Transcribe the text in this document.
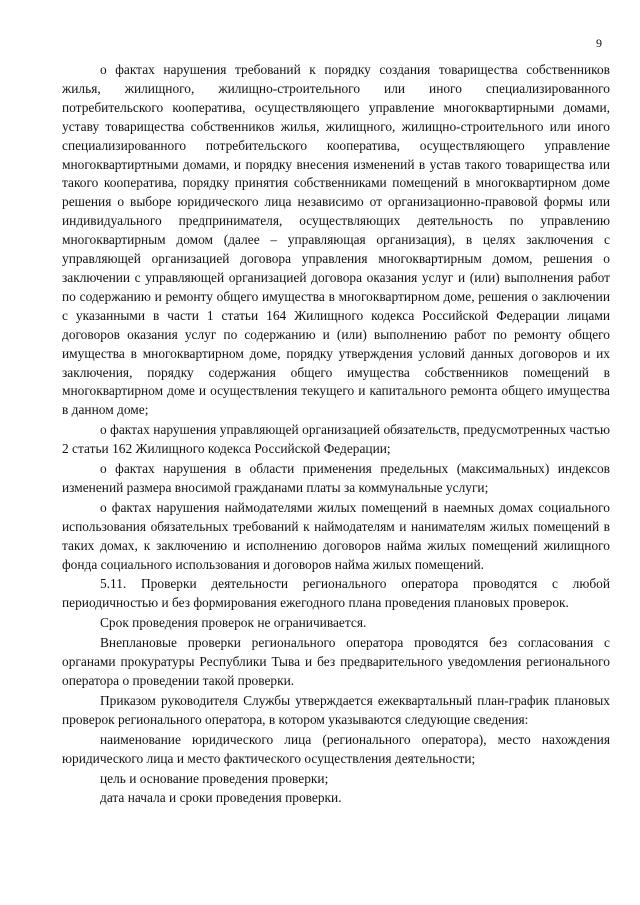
9

о фактах нарушения требований к порядку создания товарищества собственников жилья, жилищного, жилищно-строительного или иного специализированного потребительского кооператива, осуществляющего управление многоквартирными домами, уставу товарищества собственников жилья, жилищного, жилищно-строительного или иного специализированного потребительского кооператива, осуществляющего управление многоквартиртными домами, и порядку внесения изменений в устав такого товарищества или такого кооператива, порядку принятия собственниками помещений в многоквартирном доме решения о выборе юридического лица независимо от организационно-правовой формы или индивидуального предпринимателя, осуществляющих деятельность по управлению многоквартирным домом (далее – управляющая организация), в целях заключения с управляющей организацией договора управления многоквартирным домом, решения о заключении с управляющей организацией договора оказания услуг и (или) выполнения работ по содержанию и ремонту общего имущества в многоквартирном доме, решения о заключении с указанными в части 1 статьи 164 Жилищного кодекса Российской Федерации лицами договоров оказания услуг по содержанию и (или) выполнению работ по ремонту общего имущества в многоквартирном доме, порядку утверждения условий данных договоров и их заключения, порядку содержания общего имущества собственников помещений в многоквартирном доме и осуществления текущего и капитального ремонта общего имущества в данном доме;

о фактах нарушения управляющей организацией обязательств, предусмотренных частью 2 статьи 162 Жилищного кодекса Российской Федерации;

о фактах нарушения в области применения предельных (максимальных) индексов изменений размера вносимой гражданами платы за коммунальные услуги;

о фактах нарушения наймодателями жилых помещений в наемных домах социального использования обязательных требований к наймодателям и нанимателям жилых помещений в таких домах, к заключению и исполнению договоров найма жилых помещений жилищного фонда социального использования и договоров найма жилых помещений.

5.11. Проверки деятельности регионального оператора проводятся с любой периодичностью и без формирования ежегодного плана проведения плановых проверок.

Срок проведения проверок не ограничивается.

Внеплановые проверки регионального оператора проводятся без согласования с органами прокуратуры Республики Тыва и без предварительного уведомления регионального оператора о проведении такой проверки.

Приказом руководителя Службы утверждается ежеквартальный план-график плановых проверок регионального оператора, в котором указываются следующие сведения:

наименование юридического лица (регионального оператора), место нахождения юридического лица и место фактического осуществления деятельности;

цель и основание проведения проверки;

дата начала и сроки проведения проверки.
